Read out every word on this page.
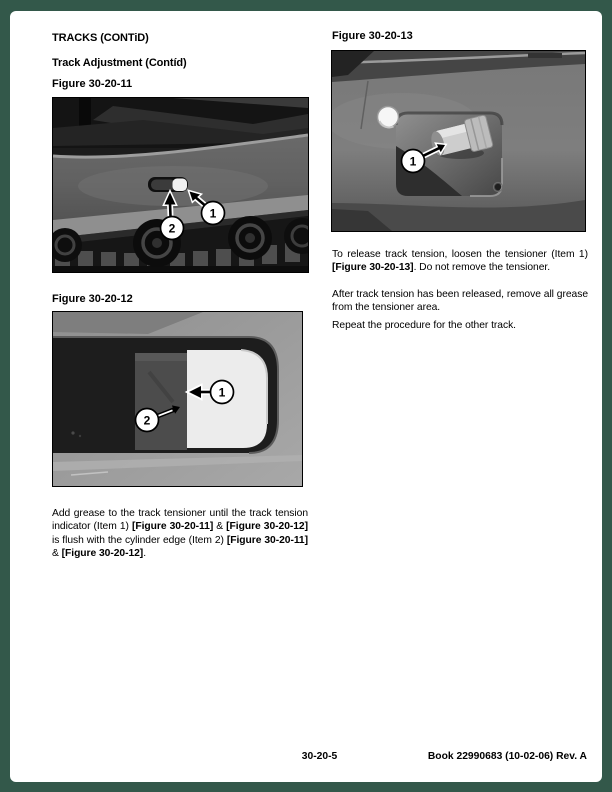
TRACKS (CONTiD)
Track Adjustment (Contíd)
Figure 30-20-11
1
2
Figure 30-20-12
1
2
Add grease to the track tensioner until the track tension
indicator (Item 1) [Figure 30-20-11] & [Figure 30-20-12]
is flush with the cylinder edge (Item 2) [Figure 30-20-11]
& [Figure 30-20-12].
Figure 30-20-13
1
To release track tension, loosen the tensioner (Item 1)
[Figure 30-20-13]. Do not remove the tensioner.
After track tension has been released, remove all grease
from the tensioner area.
Repeat the procedure for the other track.
30-20-5	Book 22990683 (10-02-06) Rev. A
